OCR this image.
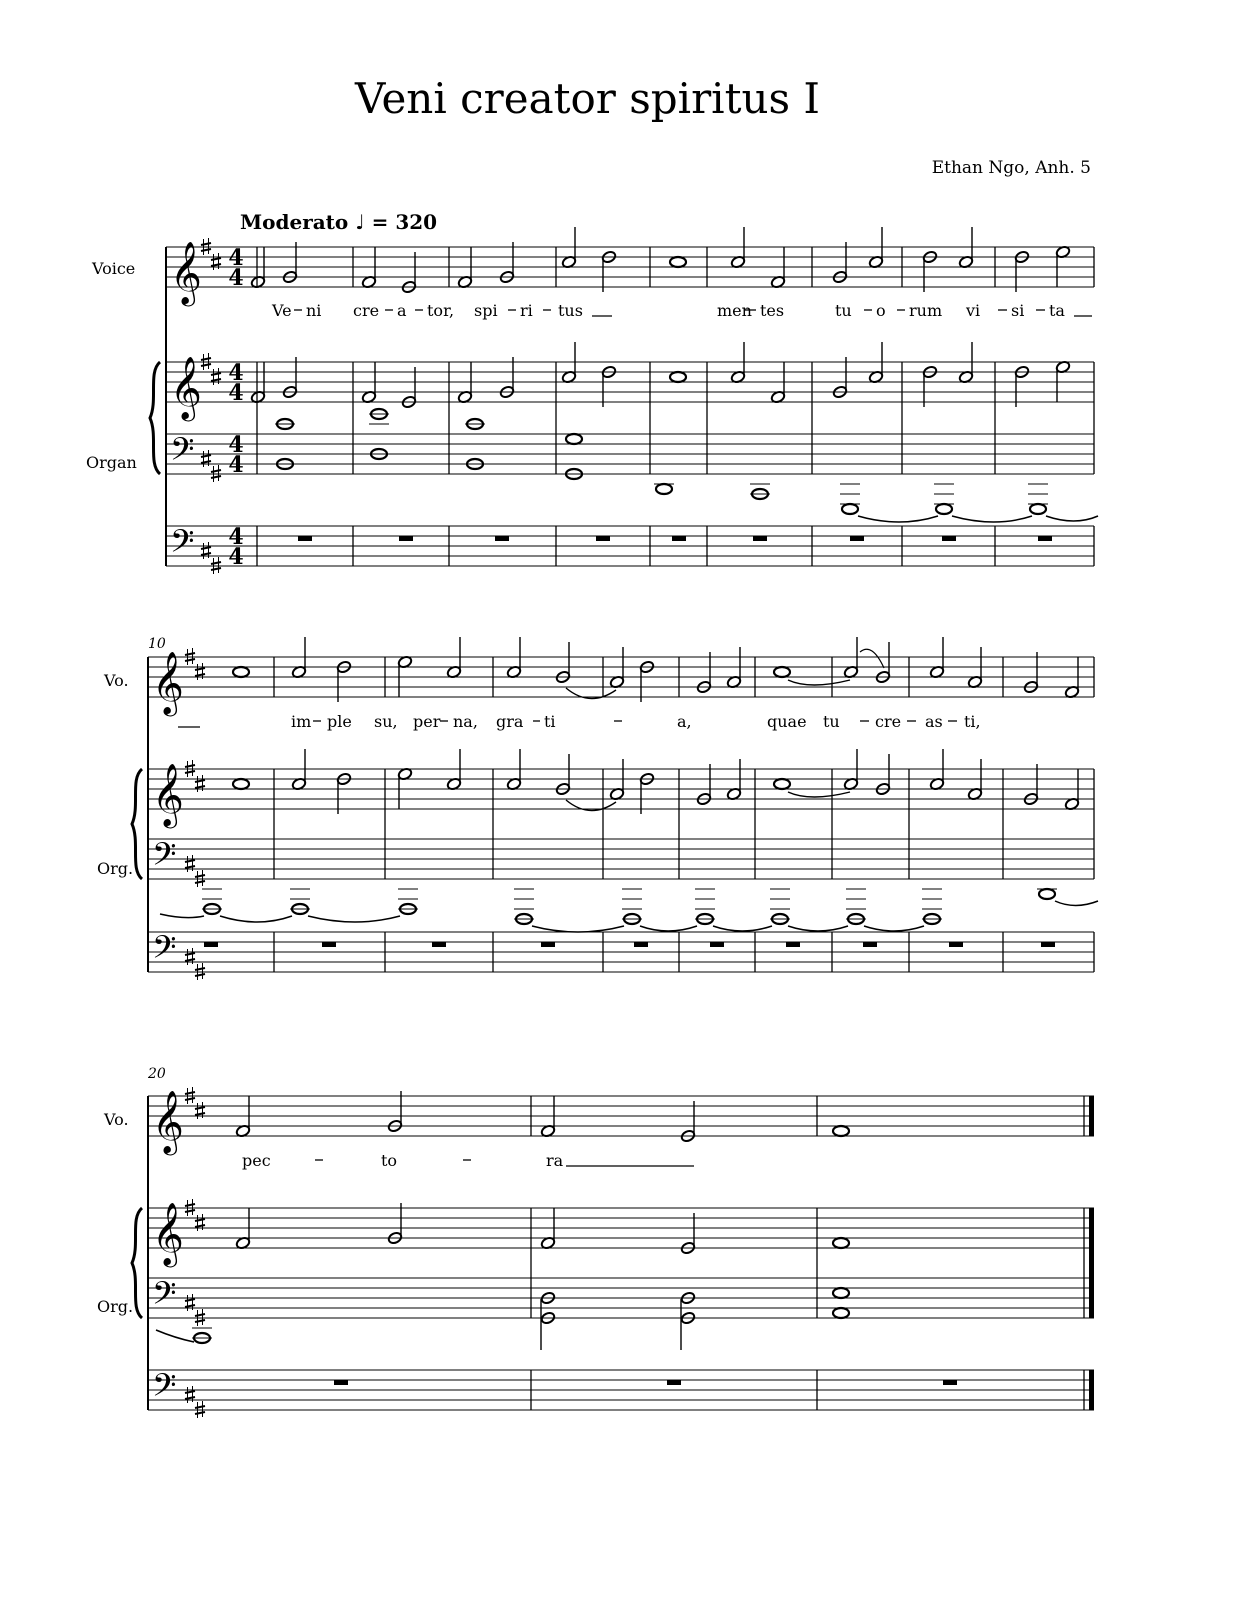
Veni creator spiritus I
Ethan Ngo, Anh. 5
Moderato ♩ = 320
Voice
Organ
Vo.
Org.
Vo.
Org.
10
20
Ve ni cre a tor, spi ri tus	men tes	tu o rum vi si ta
im ple su, per na, gra ti	a,	quae tu cre as ti,
pec	to	ra
𝄞
𝄞
𝄢
𝄢
4
4
4
4
4
4
4
4
𝄞
𝄞
𝄢
𝄢
𝄞
𝄞
𝄢
𝄢
